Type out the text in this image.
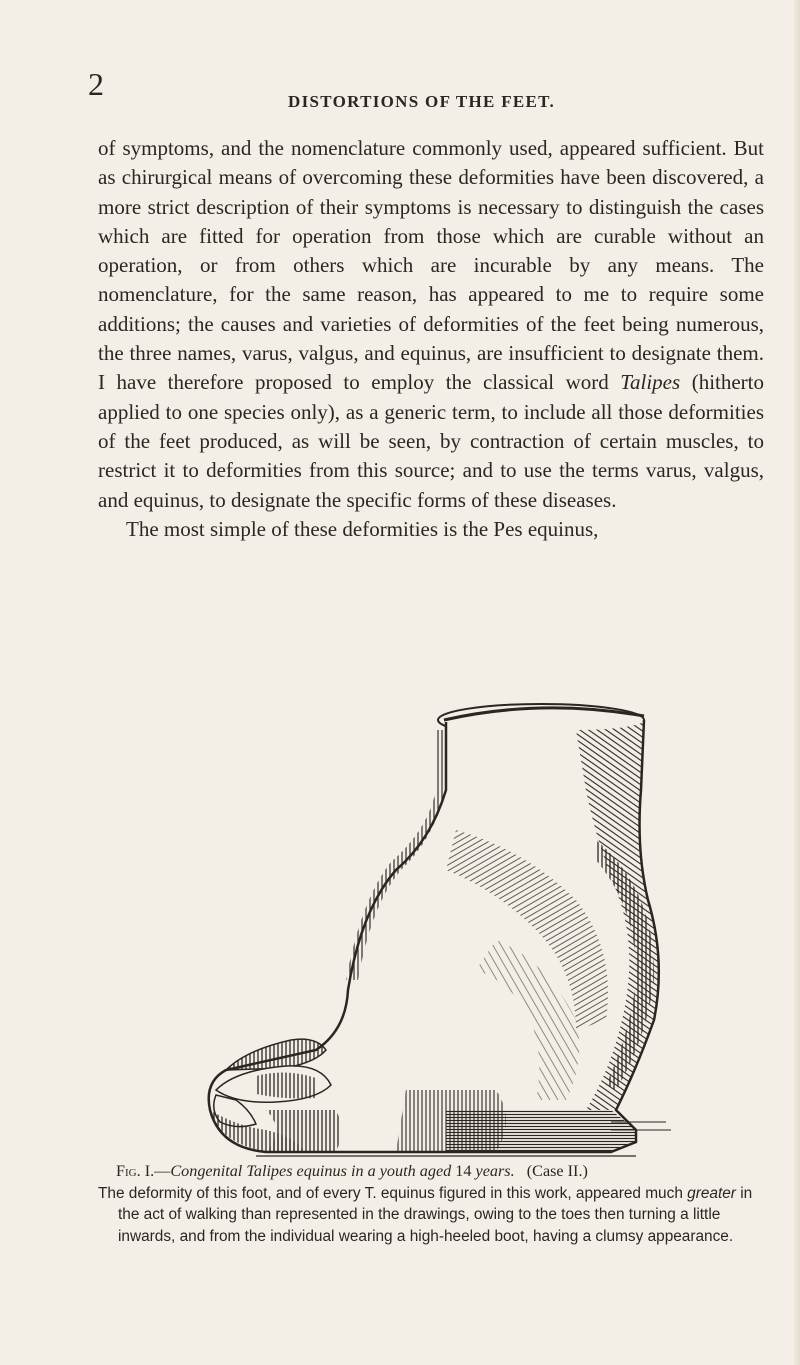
2	DISTORTIONS OF THE FEET.

of symptoms, and the nomenclature commonly used, appeared sufficient. But as chirurgical means of overcoming these deformities have been discovered, a more strict description of their symptoms is necessary to distinguish the cases which are fitted for operation from those which are curable without an operation, or from others which are incurable by any means. The nomenclature, for the same reason, has appeared to me to require some additions; the causes and varieties of deformities of the feet being numerous, the three names, varus, valgus, and equinus, are insufficient to designate them. I have therefore proposed to employ the classical word Talipes (hitherto applied to one species only), as a generic term, to include all those deformities of the feet produced, as will be seen, by contraction of certain muscles, to restrict it to deformities from this source; and to use the terms varus, valgus, and equinus, to designate the specific forms of these diseases.

The most simple of these deformities is the Pes equinus,

Fig. I.—Congenital Talipes equinus in a youth aged 14 years. (Case II.)

The deformity of this foot, and of every T. equinus figured in this work, appeared much greater in the act of walking than represented in the drawings, owing to the toes then turning a little inwards, and from the individual wearing a high-heeled boot, having a clumsy appearance.
